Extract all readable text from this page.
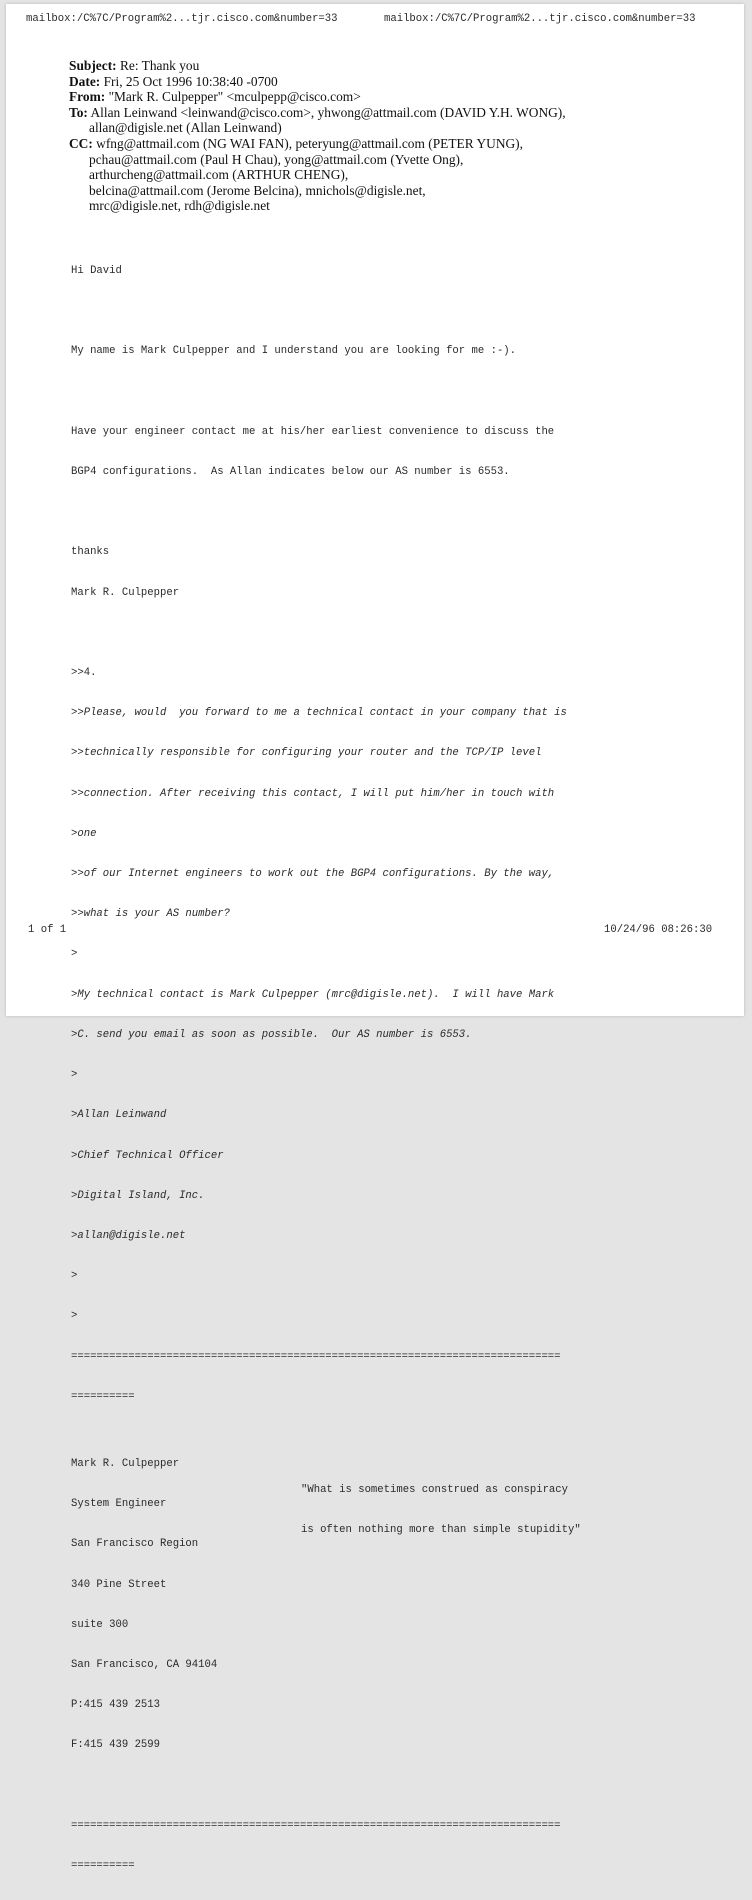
mailbox:/C%7C/Program%2...tjr.cisco.com&number=33	mailbox:/C%7C/Program%2...tjr.cisco.com&number=33
Subject: Re: Thank you
Date: Fri, 25 Oct 1996 10:38:40 -0700
From: "Mark R. Culpepper" <mculpepp@cisco.com>
To: Allan Leinwand <leinwand@cisco.com>, yhwong@attmail.com (DAVID Y.H. WONG),
allan@digisle.net (Allan Leinwand)
CC: wfng@attmail.com (NG WAI FAN), peteryung@attmail.com (PETER YUNG),
pchau@attmail.com (Paul H Chau), yong@attmail.com (Yvette Ong),
arthurcheng@attmail.com (ARTHUR CHENG),
belcina@attmail.com (Jerome Belcina), mnichols@digisle.net,
mrc@digisle.net, rdh@digisle.net

Hi David

My name is Mark Culpepper and I understand you are looking for me :-).

Have your engineer contact me at his/her earliest convenience to discuss the

BGP4 configurations.  As Allan indicates below our AS number is 6553.

thanks

Mark R. Culpepper

>>4.

>>Please, would  you forward to me a technical contact in your company that is

>>technically responsible for configuring your router and the TCP/IP level

>>connection. After receiving this contact, I will put him/her in touch with

>one

>>of our Internet engineers to work out the BGP4 configurations. By the way,

>>what is your AS number?

>

>My technical contact is Mark Culpepper (mrc@digisle.net).  I will have Mark

>C. send you email as soon as possible.  Our AS number is 6553.

>

>Allan Leinwand

>Chief Technical Officer

>Digital Island, Inc.

>allan@digisle.net

>

>

=============================================================================

==========

Mark R. Culpepper

System Engineer

San Francisco Region

340 Pine Street

suite 300

San Francisco, CA 94104

P:415 439 2513

F:415 439 2599

"What is sometimes construed as conspiracy

is often nothing more than simple stupidity"

=============================================================================

==========

1 of 1	10/24/96 08:26:30
